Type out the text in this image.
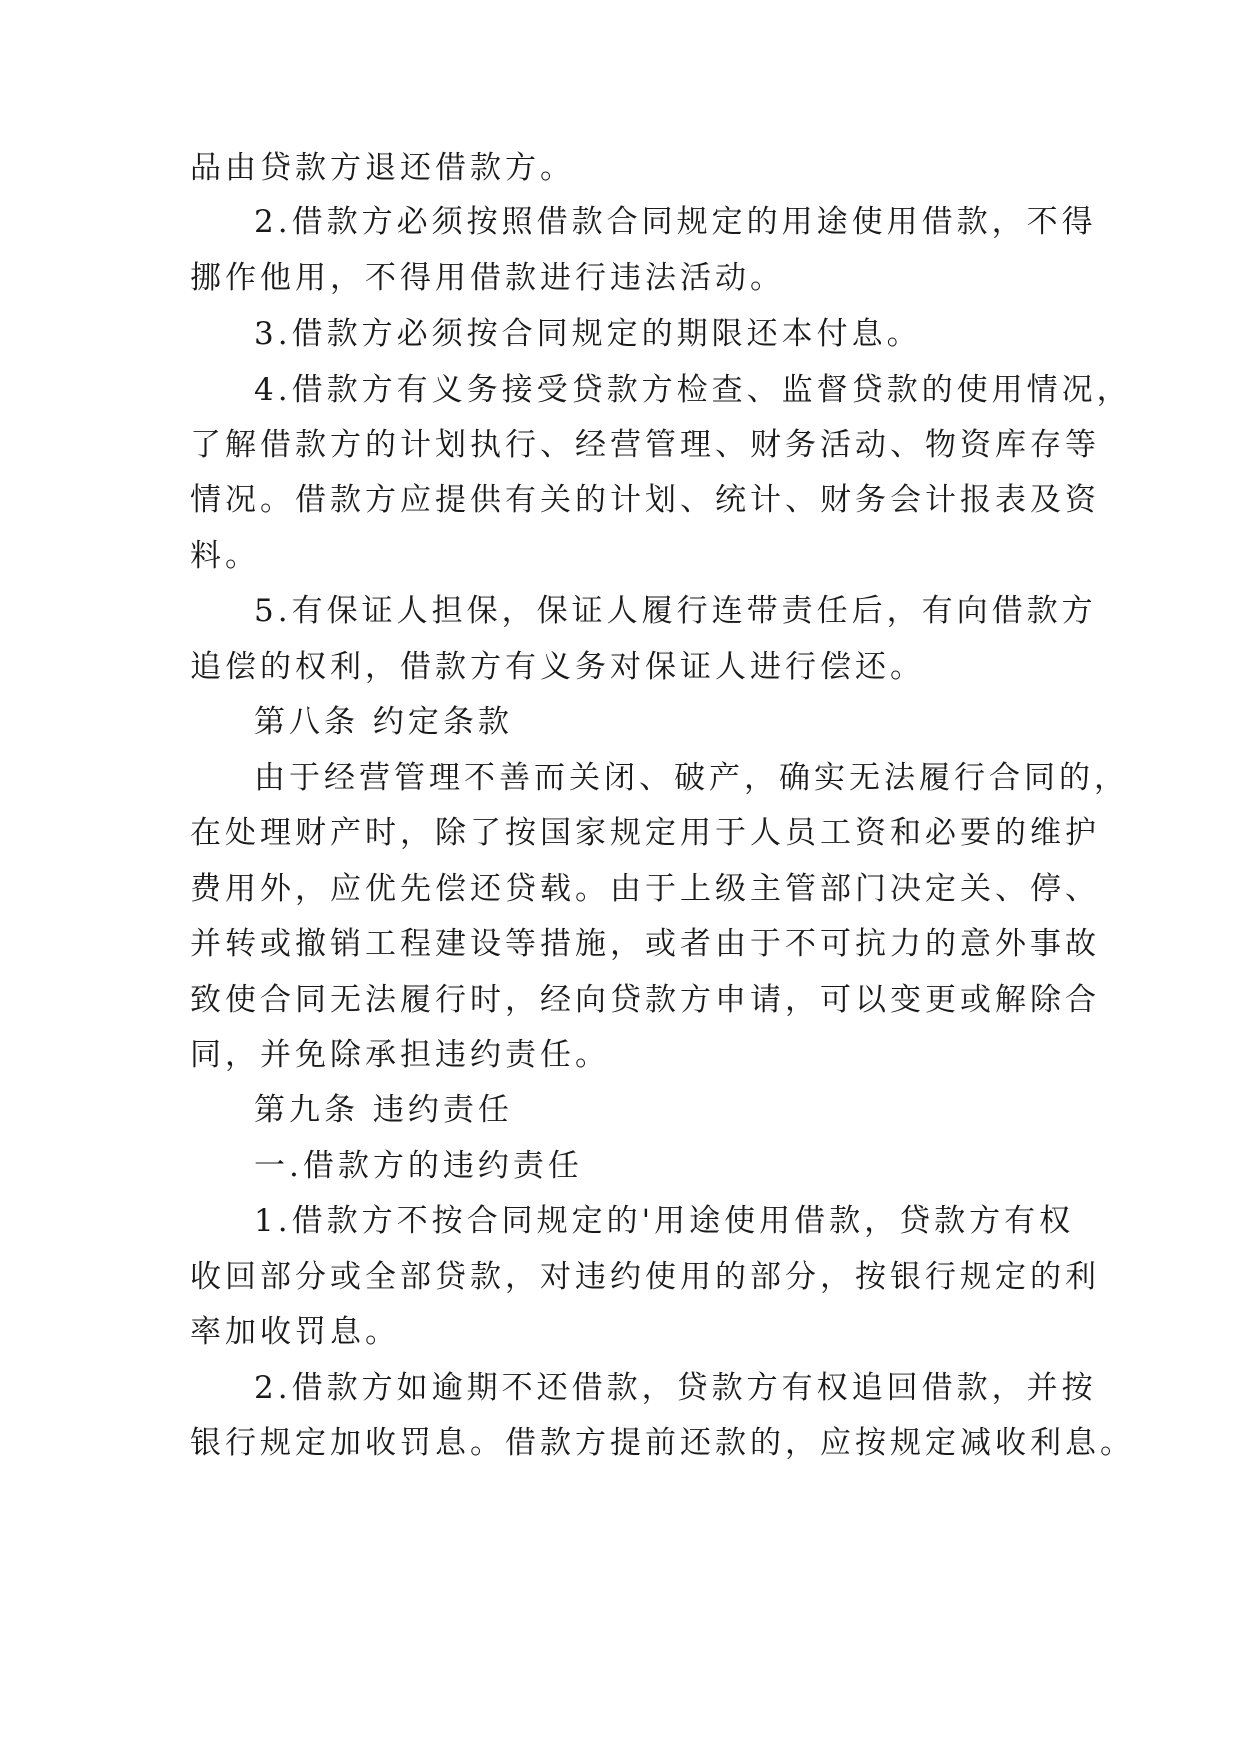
品由贷款方退还借款方。
2.借款方必须按照借款合同规定的用途使用借款，不得
挪作他用，不得用借款进行违法活动。
3.借款方必须按合同规定的期限还本付息。
4.借款方有义务接受贷款方检查、监督贷款的使用情况，
了解借款方的计划执行、经营管理、财务活动、物资库存等
情况。借款方应提供有关的计划、统计、财务会计报表及资
料。
5.有保证人担保，保证人履行连带责任后，有向借款方
追偿的权利，借款方有义务对保证人进行偿还。
第八条 约定条款
由于经营管理不善而关闭、破产，确实无法履行合同的，
在处理财产时，除了按国家规定用于人员工资和必要的维护
费用外，应优先偿还贷载。由于上级主管部门决定关、停、
并转或撤销工程建设等措施，或者由于不可抗力的意外事故
致使合同无法履行时，经向贷款方申请，可以变更或解除合
同，并免除承担违约责任。
第九条 违约责任
一.借款方的违约责任
1.借款方不按合同规定的'用途使用借款，贷款方有权
收回部分或全部贷款，对违约使用的部分，按银行规定的利
率加收罚息。
2.借款方如逾期不还借款，贷款方有权追回借款，并按
银行规定加收罚息。借款方提前还款的，应按规定减收利息。
